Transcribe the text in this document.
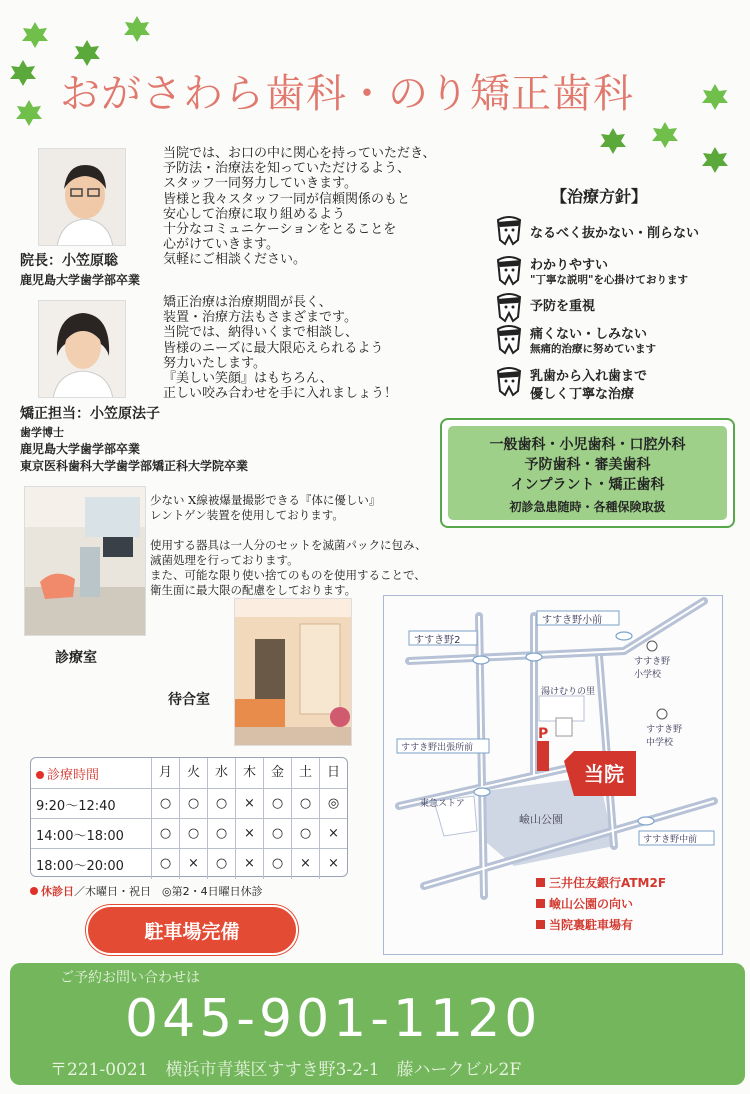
おがさわら歯科・のり矯正歯科
当院では、お口の中に関心を持っていただき、
予防法・治療法を知っていただけるよう、
スタッフ一同努力していきます。
皆様と我々スタッフ一同が信頼関係のもと
安心して治療に取り組めるよう
十分なコミュニケーションをとることを
心がけていきます。
気軽にご相談ください。
院長：小笠原聡
鹿児島大学歯学部卒業
矯正治療は治療期間が長く、
装置・治療方法もさまざまです。
当院では、納得いくまで相談し、
皆様のニーズに最大限応えられるよう
努力いたします。
『美しい笑顔』はもちろん、
正しい咬み合わせを手に入れましょう！
矯正担当：小笠原法子
歯学博士
鹿児島大学歯学部卒業
東京医科歯科大学歯学部矯正科大学院卒業
【治療方針】
なるべく抜かない・削らない
わかりやすい
"丁寧な説明"を心掛けております
予防を重視
痛くない・しみない
無痛的治療に努めています
乳歯から入れ歯まで
優しく丁寧な治療
一般歯科・小児歯科・口腔外科
予防歯科・審美歯科
インプラント・矯正歯科
初診急患随時・各種保険取扱
少ない X線被爆量撮影できる『体に優しい』
レントゲン装置を使用しております。

使用する器具は一人分のセットを滅菌パックに包み、
滅菌処理を行っております。
また、可能な限り使い捨てのものを使用することで、
衛生面に最大限の配慮をしております。
診療室
待合室
診療時間	月	火	水	木	金	土	日
9:20〜12:40	○	○	○	×	○	○	◎
14:00〜18:00	○	○	○	×	○	○	×
18:00〜20:00	○	×	○	×	○	×	×
休診日／木曜日・祝日　◎第2・4日曜日休診
駐車場完備
すすき野小前
すすき野2
すすき野
小学校
湯けむりの里
すすき野出張所前
すすき野
中学校
東急ストア
嶮山公園
すすき野中前
P
当院
三井住友銀行ATM2F
嶮山公園の向い
当院裏駐車場有
ご予約お問い合わせは
045-901-1120
〒221-0021　横浜市青葉区すすき野3-2-1　藤ハークビル2F
